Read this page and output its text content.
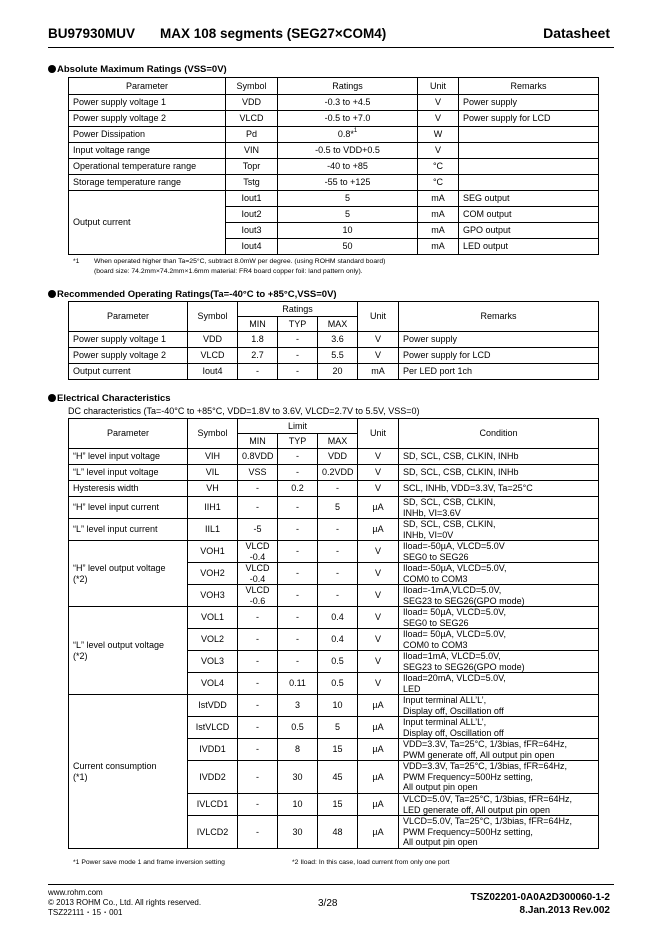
BU97930MUV MAX 108 segments (SEG27×COM4)	Datasheet
Absolute Maximum Ratings (VSS=0V)
Parameter	Symbol	Ratings	Unit	Remarks
Power supply voltage 1	VDD	-0.3 to +4.5	V	Power supply
Power supply voltage 2	VLCD	-0.5 to +7.0	V	Power supply for LCD
Power Dissipation	Pd	0.8*$^1$	W	
Input voltage range	VIN	-0.5 to VDD+0.5	V	
Operational temperature range	Topr	-40 to +85	°C	
Storage temperature range	Tstg	-55 to +125	°C	
Output current	Iout1	5	mA	SEG output
	Iout2	5	mA	COM output
	Iout3	10	mA	GPO output
	Iout4	50	mA	LED output
*1 When operated higher than Ta=25°C, subtract 8.0mW per degree. (using ROHM standard board)
(board size: 74.2mm×74.2mm×1.6mm material: FR4 board copper foil: land pattern only).
Recommended Operating Ratings(Ta=-40°C to +85°C,VSS=0V)
Parameter	Symbol	Ratings			Unit	Remarks
		MIN	TYP	MAX		
Power supply voltage 1	VDD	1.8	-	3.6	V	Power supply
Power supply voltage 2	VLCD	2.7	-	5.5	V	Power supply for LCD
Output current	Iout4	-	-	20	mA	Per LED port 1ch
Electrical Characteristics
DC characteristics (Ta=-40°C to +85°C, VDD=1.8V to 3.6V, VLCD=2.7V to 5.5V, VSS=0)
Parameter	Symbol	Limit			Unit	Condition
		MIN	TYP	MAX		
“H” level input voltage	VIH	0.8VDD	-	VDD	V	SD, SCL, CSB, CLKIN, INHb
“L” level input voltage	VIL	VSS	-	0.2VDD	V	SD, SCL, CSB, CLKIN, INHb
Hysteresis width	VH	-	0.2	-	V	SCL, INHb, VDD=3.3V, Ta=25°C
“H” level input current	IIH1	-	-	5	µA	SD, SCL, CSB, CLKIN,
INHb, VI=3.6V
“L” level input current	IIL1	-5	-	-	µA	SD, SCL, CSB, CLKIN,
INHb, VI=0V
“H” level output voltage
(*2)	VOH1	VLCD
-0.4	-	-	V	Iload=-50µA, VLCD=5.0V
SEG0 to SEG26
	VOH2	VLCD
-0.4	-	-	V	Iload=-50µA, VLCD=5.0V,
COM0 to COM3
	VOH3	VLCD
-0.6	-	-	V	Iload=-1mA,VLCD=5.0V,
SEG23 to SEG26(GPO mode)
“L” level output voltage
(*2)	VOL1	-	-	0.4	V	Iload= 50µA, VLCD=5.0V,
SEG0 to SEG26
	VOL2	-	-	0.4	V	Iload= 50µA, VLCD=5.0V,
COM0 to COM3
	VOL3	-	-	0.5	V	Iload=1mA, VLCD=5.0V,
SEG23 to SEG26(GPO mode)
	VOL4	-	0.11	0.5	V	Iload=20mA, VLCD=5.0V,
LED
Current consumption
(*1)	IstVDD	-	3	10	µA	Input terminal ALL’L’,
Display off, Oscillation off
	IstVLCD	-	0.5	5	µA	Input terminal ALL’L’,
Display off, Oscillation off
	IVDD1	-	8	15	µA	VDD=3.3V, Ta=25°C, 1/3bias, fFR=64Hz,
PWM generate off, All output pin open
	IVDD2	-	30	45	µA	VDD=3.3V, Ta=25°C, 1/3bias, fFR=64Hz,
PWM Frequency=500Hz setting,
All output pin open
	IVLCD1	-	10	15	µA	VLCD=5.0V, Ta=25°C, 1/3bias, fFR=64Hz,
LED generate off, All output pin open
	IVLCD2	-	30	48	µA	VLCD=5.0V, Ta=25°C, 1/3bias, fFR=64Hz,
PWM Frequency=500Hz setting,
All output pin open
*1 Power save mode 1 and frame inversion setting	*2 Iload: In this case, load current from only one port
www.rohm.com
© 2013 ROHM Co., Ltd. All rights reserved.
TSZ22111・15・001
3/28
TSZ02201-0A0A2D300060-1-2
8.Jan.2013 Rev.002
